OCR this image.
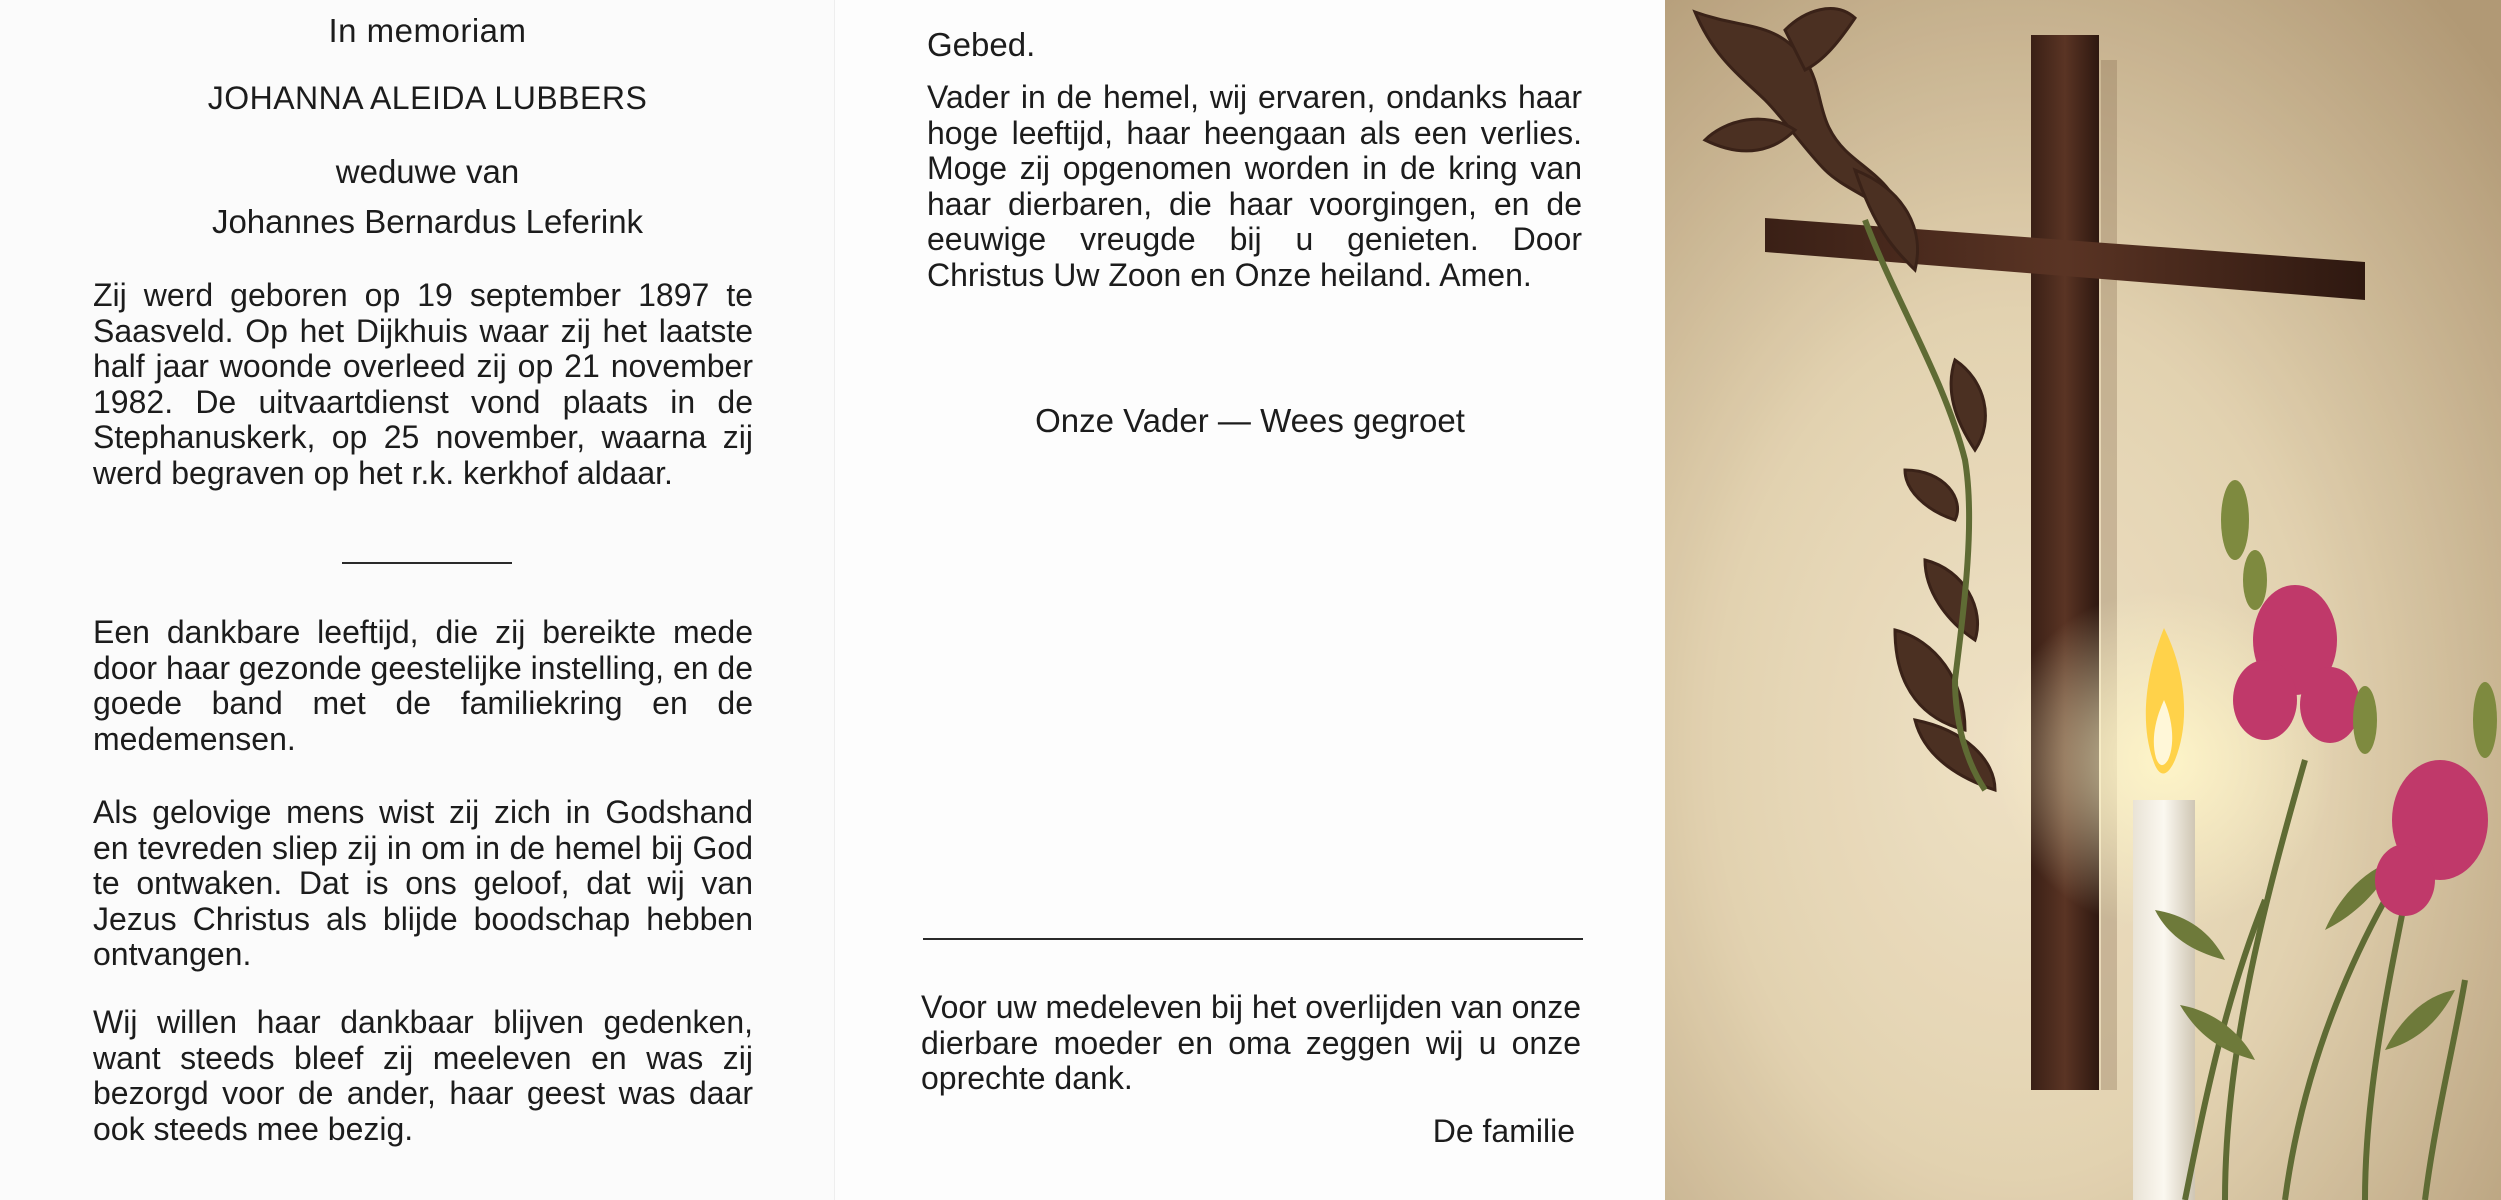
In memoriam
JOHANNA ALEIDA LUBBERS
weduwe van
Johannes Bernardus Leferink

Zij werd geboren op 19 september 1897 te Saasveld. Op het Dijkhuis waar zij het laatste half jaar woonde overleed zij op 21 november 1982. De uitvaartdienst vond plaats in de Stephanuskerk, op 25 november, waarna zij werd begraven op het r.k. kerkhof aldaar.

Een dankbare leeftijd, die zij bereikte mede door haar gezonde geestelijke instelling, en de goede band met de familiekring en de medemensen.

Als gelovige mens wist zij zich in Godshand en tevreden sliep zij in om in de hemel bij God te ontwaken. Dat is ons geloof, dat wij van Jezus Christus als blijde boodschap hebben ontvangen.

Wij willen haar dankbaar blijven gedenken, want steeds bleef zij meeleven en was zij bezorgd voor de ander, haar geest was daar ook steeds mee bezig.

Gebed.

Vader in de hemel, wij ervaren, ondanks haar hoge leeftijd, haar heengaan als een verlies. Moge zij opgenomen worden in de kring van haar dierbaren, die haar voorgingen, en de eeuwige vreugde bij u genieten. Door Christus Uw Zoon en Onze heiland. Amen.

Onze Vader — Wees gegroet

Voor uw medeleven bij het overlijden van onze dierbare moeder en oma zeggen wij u onze oprechte dank.

De familie
